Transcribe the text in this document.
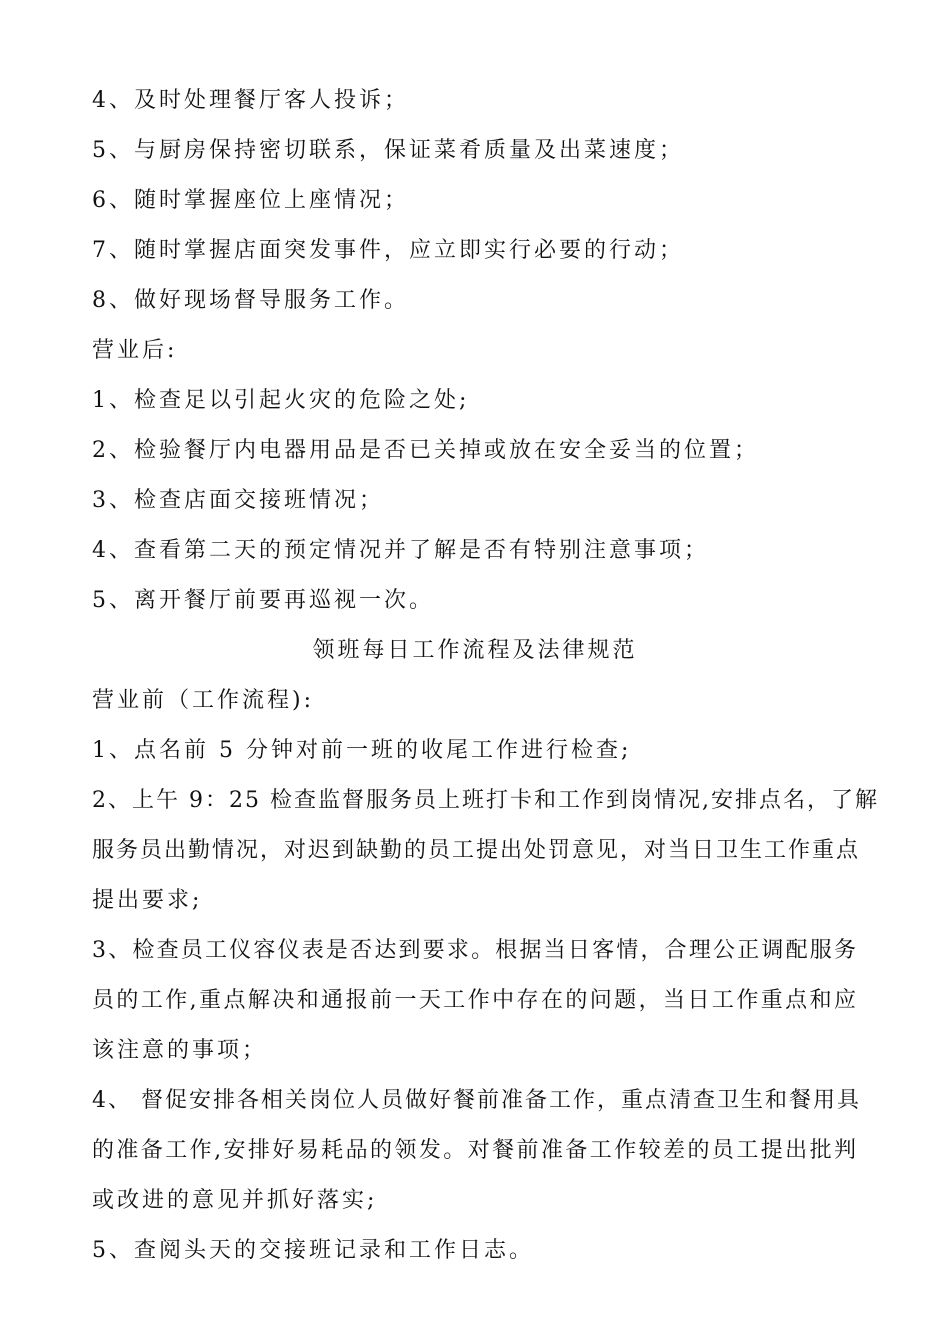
4、及时处理餐厅客人投诉；
5、与厨房保持密切联系，保证菜肴质量及出菜速度；
6、随时掌握座位上座情况；
7、随时掌握店面突发事件，应立即实行必要的行动；
8、做好现场督导服务工作。
营业后:
1、检查足以引起火灾的危险之处;
2、检验餐厅内电器用品是否已关掉或放在安全妥当的位置；
3、检查店面交接班情况；
4、查看第二天的预定情况并了解是否有特别注意事项；
5、离开餐厅前要再巡视一次。
领班每日工作流程及法律规范
营业前（工作流程):
1、点名前 5 分钟对前一班的收尾工作进行检查;
2、上午 9：25 检查监督服务员上班打卡和工作到岗情况,安排点名，了解
服务员出勤情况，对迟到缺勤的员工提出处罚意见，对当日卫生工作重点
提出要求;
3、检查员工仪容仪表是否达到要求。根据当日客情，合理公正调配服务
员的工作,重点解决和通报前一天工作中存在的问题，当日工作重点和应
该注意的事项；
4、 督促安排各相关岗位人员做好餐前准备工作，重点清查卫生和餐用具
的准备工作,安排好易耗品的领发。对餐前准备工作较差的员工提出批判
或改进的意见并抓好落实;
5、查阅头天的交接班记录和工作日志。
